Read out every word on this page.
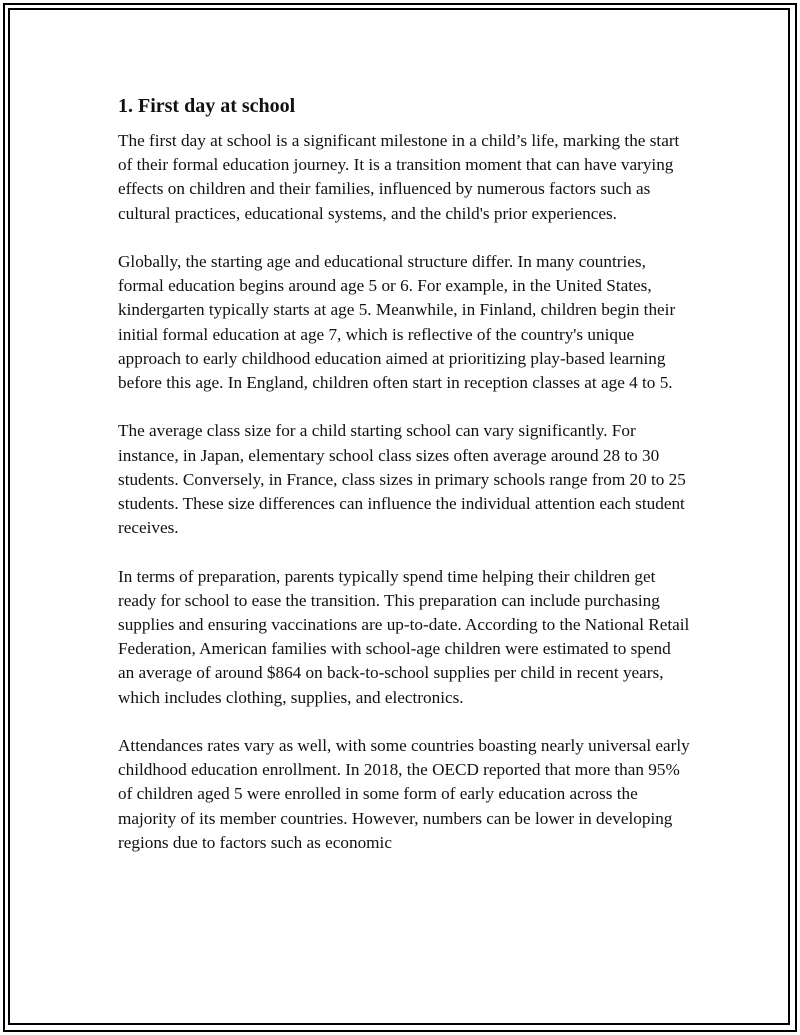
1. First day at school

The first day at school is a significant milestone in a child’s life, marking the start of their formal education journey. It is a transition moment that can have varying effects on children and their families, influenced by numerous factors such as cultural practices, educational systems, and the child's prior experiences.

Globally, the starting age and educational structure differ. In many countries, formal education begins around age 5 or 6. For example, in the United States, kindergarten typically starts at age 5. Meanwhile, in Finland, children begin their initial formal education at age 7, which is reflective of the country's unique approach to early childhood education aimed at prioritizing play-based learning before this age. In England, children often start in reception classes at age 4 to 5.

The average class size for a child starting school can vary significantly. For instance, in Japan, elementary school class sizes often average around 28 to 30 students. Conversely, in France, class sizes in primary schools range from 20 to 25 students. These size differences can influence the individual attention each student receives.

In terms of preparation, parents typically spend time helping their children get ready for school to ease the transition. This preparation can include purchasing supplies and ensuring vaccinations are up-to-date. According to the National Retail Federation, American families with school-age children were estimated to spend an average of around $864 on back-to-school supplies per child in recent years, which includes clothing, supplies, and electronics.

Attendances rates vary as well, with some countries boasting nearly universal early childhood education enrollment. In 2018, the OECD reported that more than 95% of children aged 5 were enrolled in some form of early education across the majority of its member countries. However, numbers can be lower in developing regions due to factors such as economic
